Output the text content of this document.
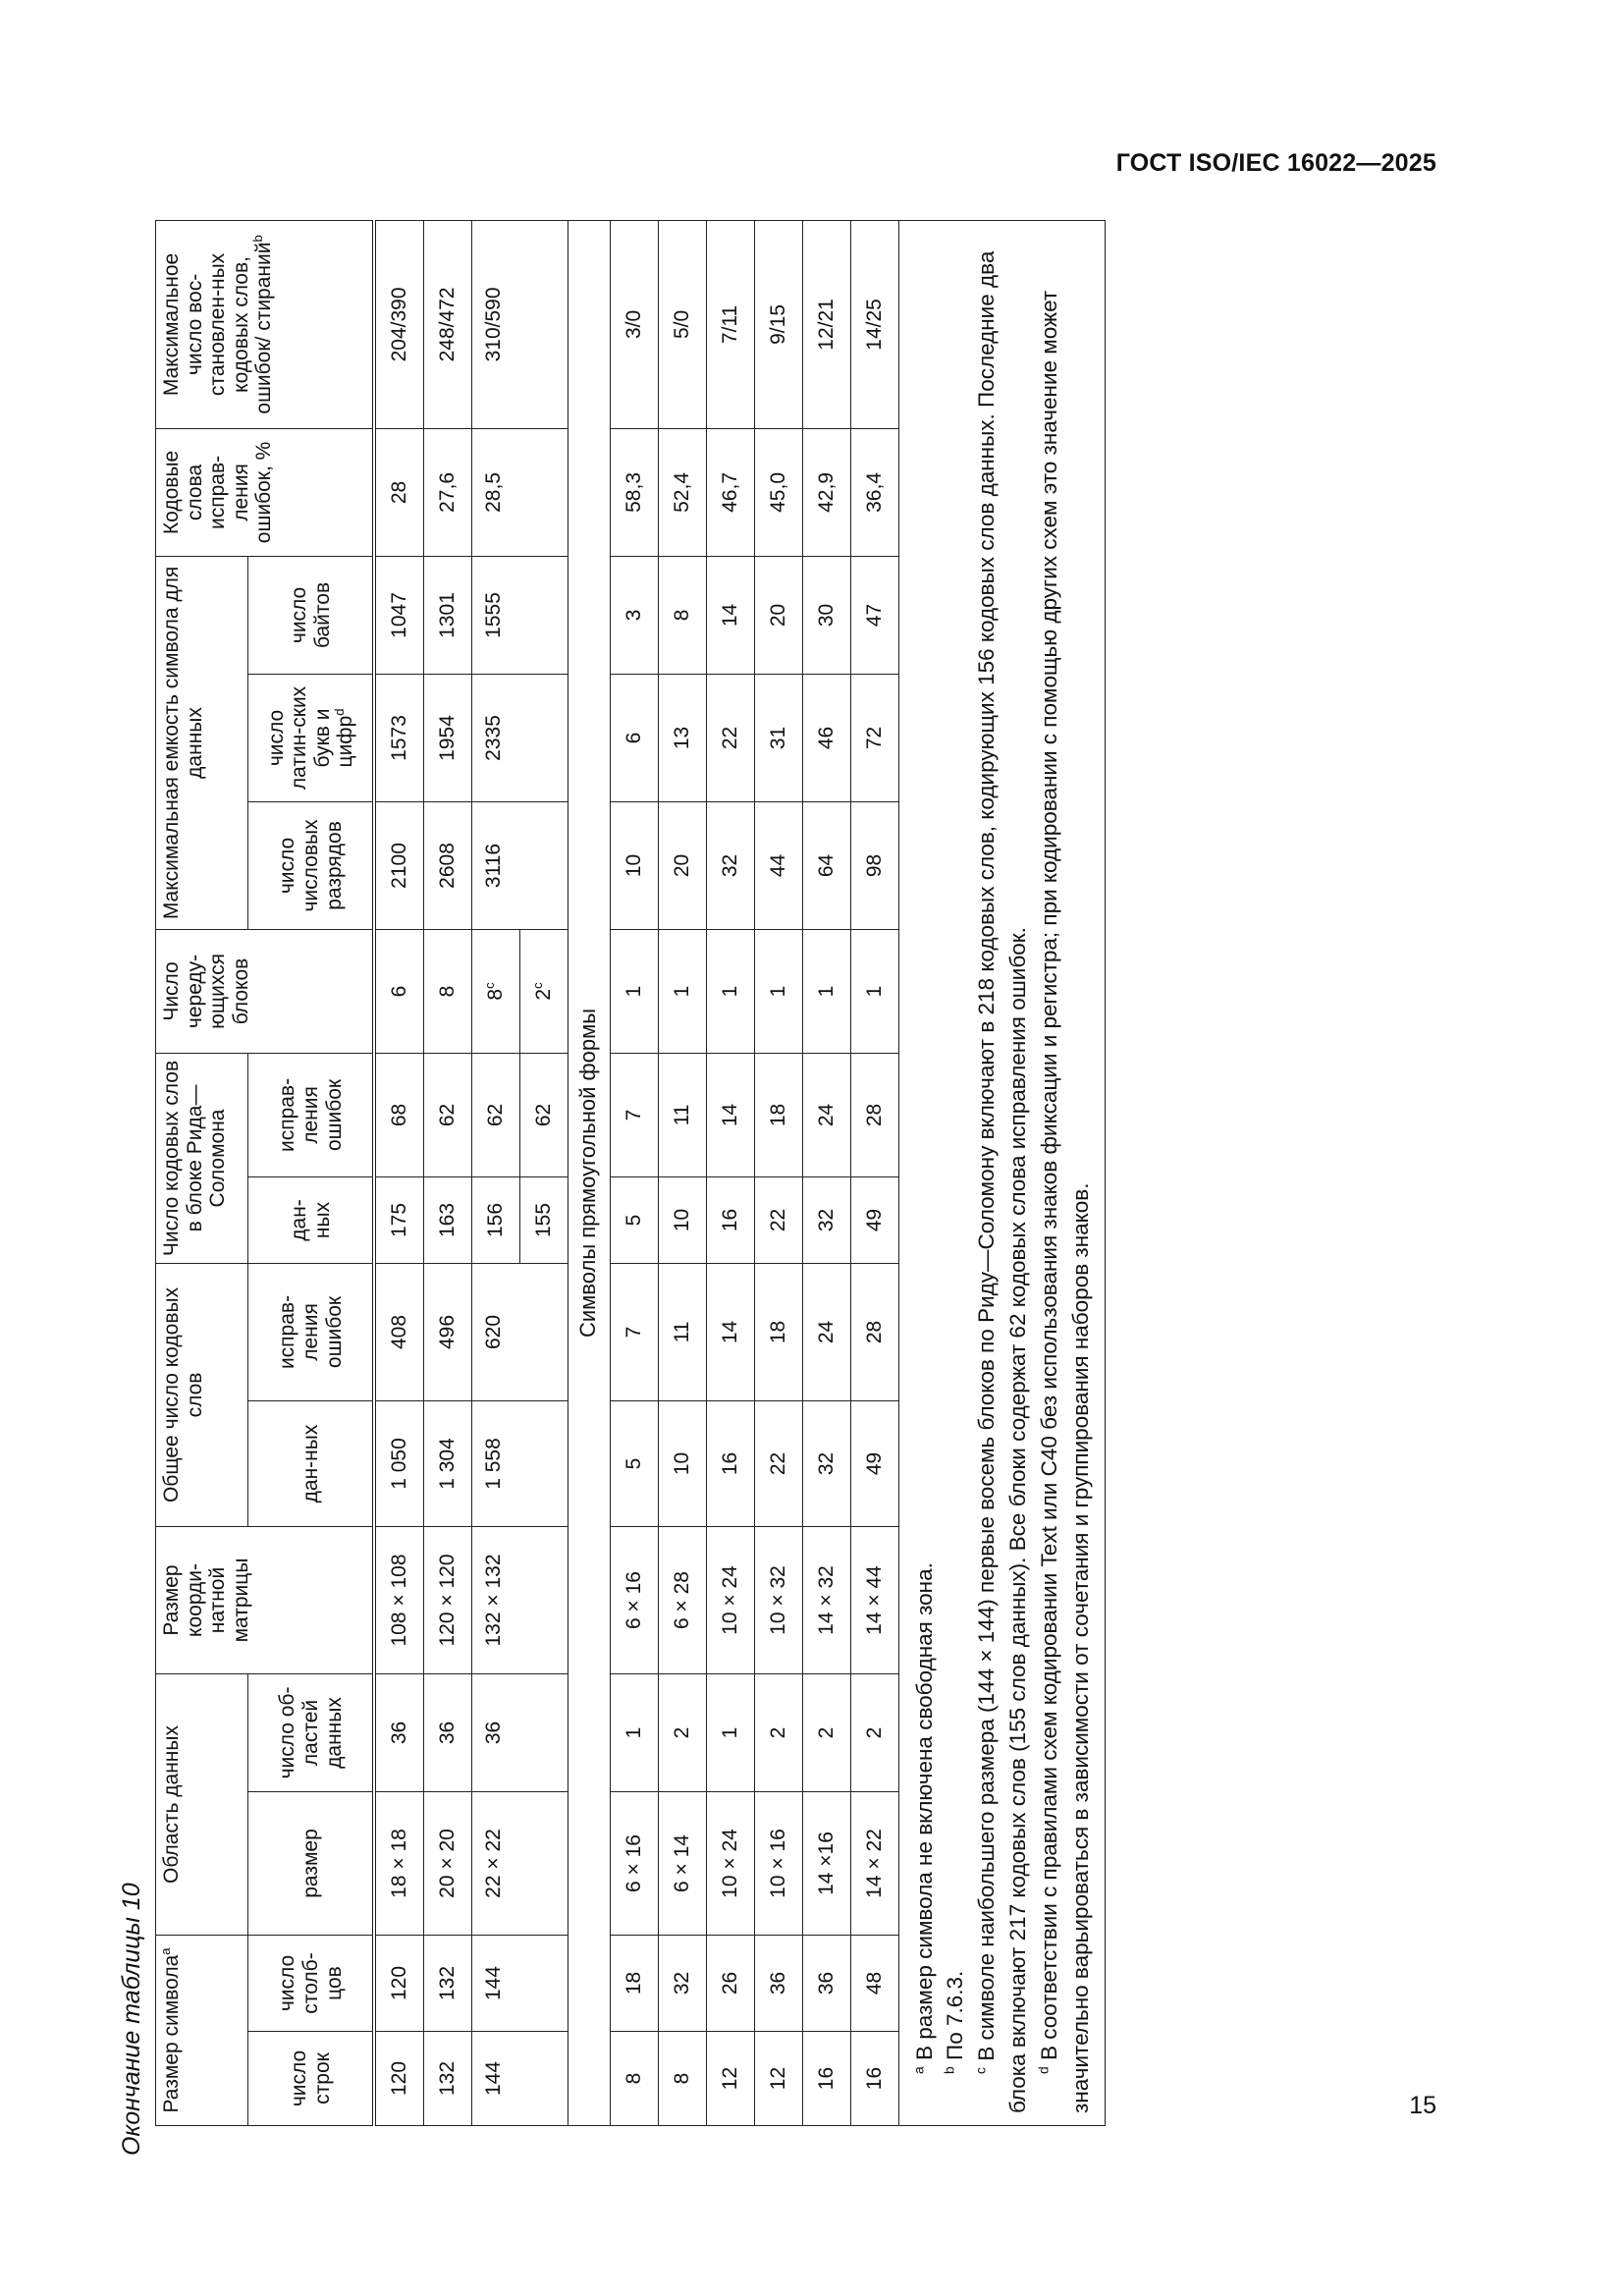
ГОСТ ISO/IEC 16022—2025
15
Окончание таблицы 10 Размер символа$^a$		Область данных		Размер коорди-натной матрицы	Общее число кодовых слов		Число кодовых слов в блоке Рида—Соломона		Число череду-ющихся блоков	Максимальная емкость символа для данных			Кодовые слова исправ-ления ошибок, %	Максимальное число вос-становлен-ных кодовых слов, ошибок/ стираний$^b$
число строк	число столб-цов	размер	число об-ластей данных		дан-ных	исправ-ления ошибок	дан-ных	исправ-ления ошибок		число числовых разрядов	число латин-ских букв и цифр$^d$	число байтов		
120	120	18 × 18	36	108 × 108	1 050	408	175	68	6	2100	1573	1047	28	204/390
132	132	20 × 20	36	120 × 120	1 304	496	163	62	8	2608	1954	1301	27,6	248/472
144	144	22 × 22	36	132 × 132	1 558	620	156	62	8$^c$	3116	2335	1555	28,5	310/590
							155	62	2$^c$
Символы прямоугольной формы														
8	18	6 × 16	1	6 × 16	5	7	5	7	1	10	6	3	58,3	3/0
8	32	6 × 14	2	6 × 28	10	11	10	11	1	20	13	8	52,4	5/0
12	26	10 × 24	1	10 × 24	16	14	16	14	1	32	22	14	46,7	7/11
12	36	10 × 16	2	10 × 32	22	18	22	18	1	44	31	20	45,0	9/15
16	36	14 ×16	2	14 × 32	32	24	32	24	1	64	46	30	42,9	12/21
16	48	14 × 22	2	14 × 44	49	28	49	28	1	98	72	47	36,4	14/25

$^a$ В размер символа не включена свободная зона.

$^b$ По 7.6.3.

$^c$ В символе наибольшего размера (144 × 144) первые восемь блоков по Риду—Соломону включают в 218 кодовых слов, кодирующих 156 кодовых слов данных. Последние два блока включают 217 кодовых слов (155 слов данных). Все блоки содержат 62 кодовых слова исправления ошибок. $^d$ В соответствии с правилами схем кодировании Text или C40 без использования знаков фиксации и регистра; при кодировании с помощью других схем это значение может значительно варьироваться в зависимости от сочетания и группирования наборов знаков.														
